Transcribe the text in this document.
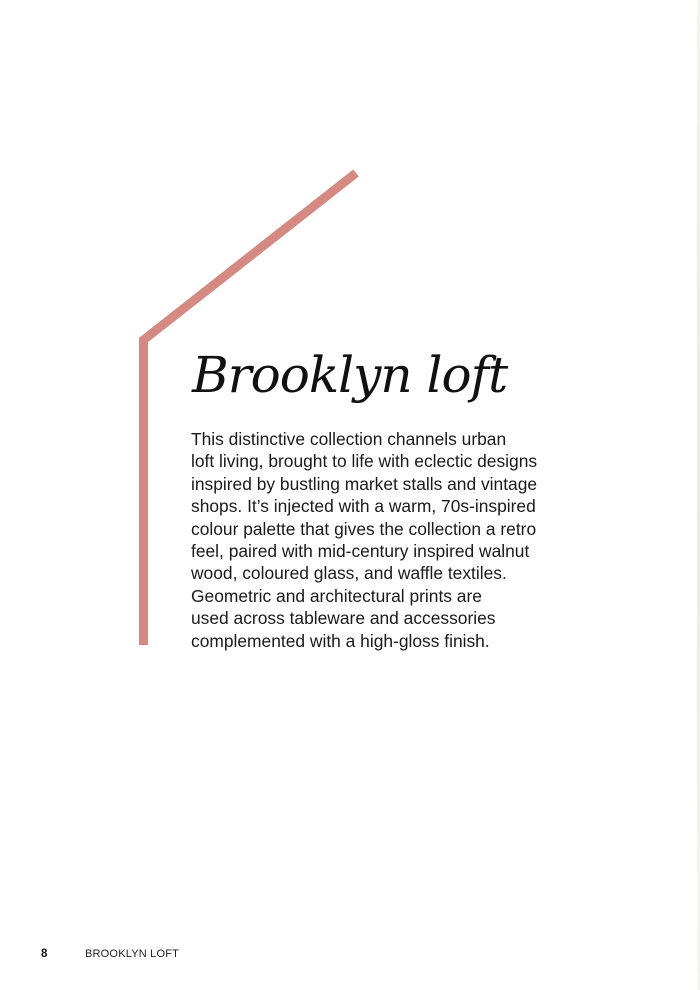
Brooklyn loft
This distinctive collection channels urban
loft living, brought to life with eclectic designs
inspired by bustling market stalls and vintage
shops. It’s injected with a warm, 70s-inspired
colour palette that gives the collection a retro
feel, paired with mid-century inspired walnut
wood, coloured glass, and waffle textiles.
Geometric and architectural prints are
used across tableware and accessories
complemented with a high-gloss finish.
8	BROOKLYN LOFT
